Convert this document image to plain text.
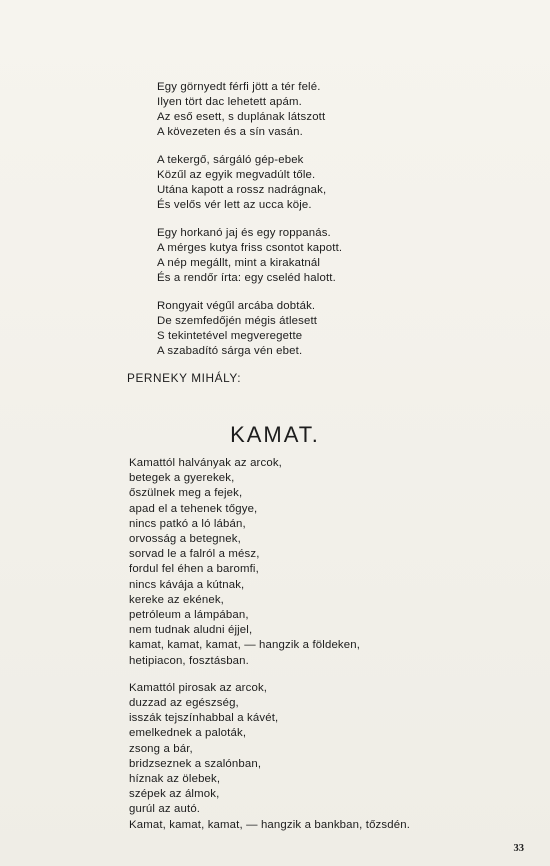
Egy görnyedt férfi jött a tér felé.
Ilyen tört dac lehetett apám.
Az eső esett, s duplának látszott
A kövezeten és a sín vasán.
A tekergő, sárgáló gép-ebek
Közűl az egyik megvadúlt tőle.
Utána kapott a rossz nadrágnak,
És velős vér lett az ucca köje.
Egy horkanó jaj és egy roppanás.
A mérges kutya friss csontot kapott.
A nép megállt, mint a kirakatnál
És a rendőr írta: egy cseléd halott.
Rongyait végűl arcába dobták.
De szemfedőjén mégis átlesett
S tekintetével megveregette
A szabadító sárga vén ebet.
PERNEKY MIHÁLY:
KAMAT.
Kamattól halványak az arcok,
betegek a gyerekek,
őszülnek meg a fejek,
apad el a tehenek tőgye,
nincs patkó a ló lábán,
orvosság a betegnek,
sorvad le a falról a mész,
fordul fel éhen a baromfi,
nincs kávája a kútnak,
kereke az ekének,
petróleum a lámpában,
nem tudnak aludni éjjel,
kamat, kamat, kamat, — hangzik a földeken,
hetipiacon, fosztásban.
Kamattól pirosak az arcok,
duzzad az egészség,
isszák tejszínhabbal a kávét,
emelkednek a paloták,
zsong a bár,
bridzseznek a szalónban,
híznak az ölebek,
szépek az álmok,
gurúl az autó.
Kamat, kamat, kamat, — hangzik a bankban, tőzsdén.
33
